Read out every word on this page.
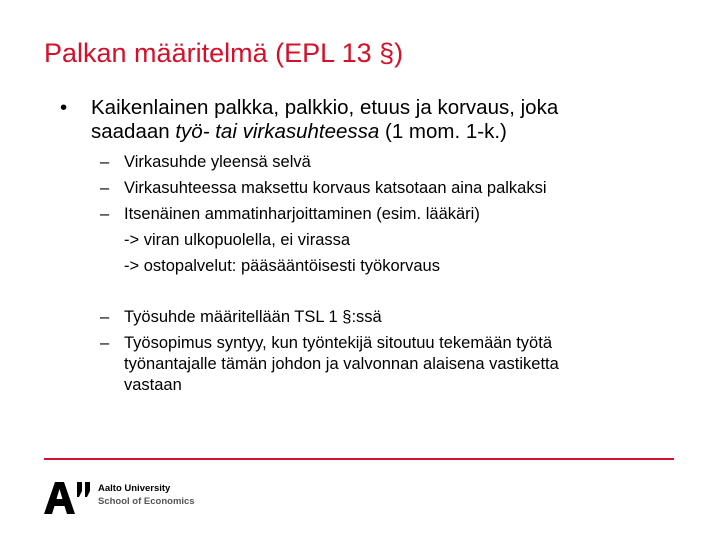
Palkan määritelmä (EPL 13 §)
• Kaikenlainen palkka, palkkio, etuus ja korvaus, joka
saadaan työ- tai virkasuhteessa (1 mom. 1-k.)
– Virkasuhde yleensä selvä
– Virkasuhteessa maksettu korvaus katsotaan aina palkaksi
– Itsenäinen ammatinharjoittaminen (esim. lääkäri)
-> viran ulkopuolella, ei virassa
-> ostopalvelut: pääsääntöisesti työkorvaus
– Työsuhde määritellään TSL 1 §:ssä
– Työsopimus syntyy, kun työntekijä sitoutuu tekemään työtä
työnantajalle tämän johdon ja valvonnan alaisena vastiketta
vastaan
Aalto University
School of Economics
